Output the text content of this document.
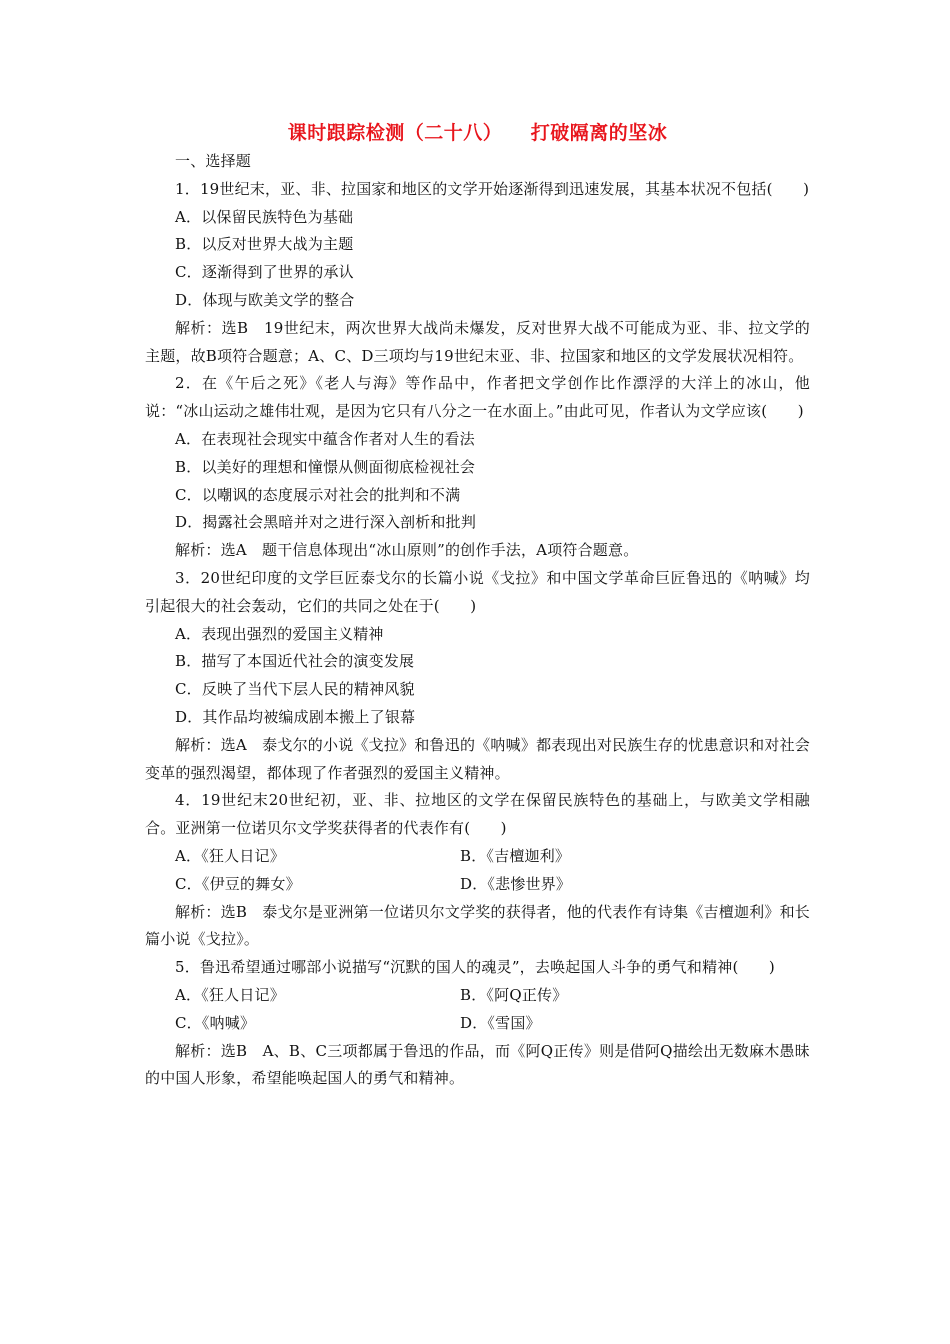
课时跟踪检测（二十八）    打破隔离的坚冰

一、选择题

1．19世纪末，亚、非、拉国家和地区的文学开始逐渐得到迅速发展，其基本状况不包括(　　)

A．以保留民族特色为基础

B．以反对世界大战为主题

C．逐渐得到了世界的承认

D．体现与欧美文学的整合

解析：选B　19世纪末，两次世界大战尚未爆发，反对世界大战不可能成为亚、非、拉文学的主题，故B项符合题意；A、C、D三项均与19世纪末亚、非、拉国家和地区的文学发展状况相符。

2．在《午后之死》《老人与海》等作品中，作者把文学创作比作漂浮的大洋上的冰山，他说：“冰山运动之雄伟壮观，是因为它只有八分之一在水面上。”由此可见，作者认为文学应该(　　)

A．在表现社会现实中蕴含作者对人生的看法

B．以美好的理想和憧憬从侧面彻底检视社会

C．以嘲讽的态度展示对社会的批判和不满

D．揭露社会黑暗并对之进行深入剖析和批判

解析：选A　题干信息体现出“冰山原则”的创作手法，A项符合题意。

3．20世纪印度的文学巨匠泰戈尔的长篇小说《戈拉》和中国文学革命巨匠鲁迅的《呐喊》均引起很大的社会轰动，它们的共同之处在于(　　)

A．表现出强烈的爱国主义精神

B．描写了本国近代社会的演变发展

C．反映了当代下层人民的精神风貌

D．其作品均被编成剧本搬上了银幕

解析：选A　泰戈尔的小说《戈拉》和鲁迅的《呐喊》都表现出对民族生存的忧患意识和对社会变革的强烈渴望，都体现了作者强烈的爱国主义精神。

4．19世纪末20世纪初，亚、非、拉地区的文学在保留民族特色的基础上，与欧美文学相融合。亚洲第一位诺贝尔文学奖获得者的代表作有(　　)

A．《狂人日记》	B．《吉檀迦利》
C．《伊豆的舞女》	D．《悲惨世界》

解析：选B　泰戈尔是亚洲第一位诺贝尔文学奖的获得者，他的代表作有诗集《吉檀迦利》和长篇小说《戈拉》。

5．鲁迅希望通过哪部小说描写“沉默的国人的魂灵”，去唤起国人斗争的勇气和精神(　　)

A．《狂人日记》	B．《阿Q正传》
C．《呐喊》	D．《雪国》

解析：选B　A、B、C三项都属于鲁迅的作品，而《阿Q正传》则是借阿Q描绘出无数麻木愚昧的中国人形象，希望能唤起国人的勇气和精神。
